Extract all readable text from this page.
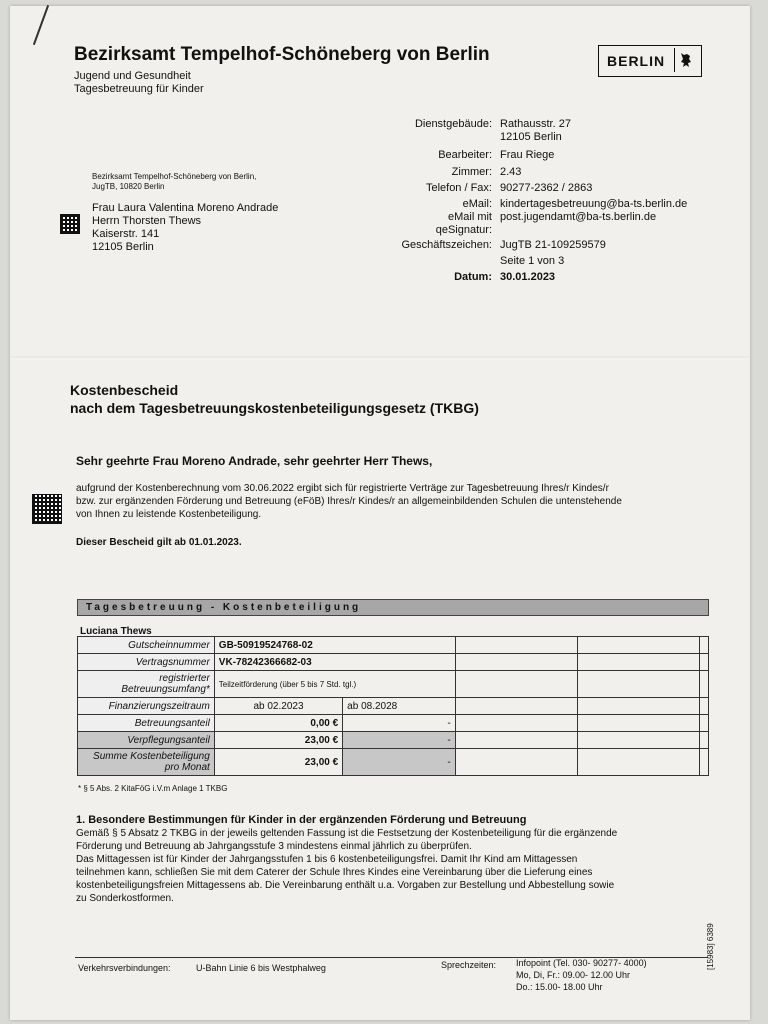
Bezirksamt Tempelhof-Schöneberg von Berlin
Jugend und Gesundheit
Tagesbetreuung für Kinder
BERLIN
Dienstgebäude: Rathausstr. 27
12105 Berlin
Bearbeiter: Frau Riege
Zimmer: 2.43
Telefon / Fax: 90277-2362 / 2863
eMail: kindertagesbetreuung@ba-ts.berlin.de
eMail mit
qeSignatur:
post.jugendamt@ba-ts.berlin.de
Geschäftszeichen: JugTB 21-109259579
Seite 1 von 3
Datum: 30.01.2023
Bezirksamt Tempelhof-Schöneberg von Berlin,
JugTB, 10820 Berlin
Frau Laura Valentina Moreno Andrade
Herrn Thorsten Thews
Kaiserstr. 141
12105 Berlin
Kostenbescheid
nach dem Tagesbetreuungskostenbeteiligungsgesetz (TKBG)
Sehr geehrte Frau Moreno Andrade, sehr geehrter Herr Thews,
aufgrund der Kostenberechnung vom 30.06.2022 ergibt sich für registrierte Verträge zur Tagesbetreuung Ihres/r Kindes/r
bzw. zur ergänzenden Förderung und Betreuung (eFöB) Ihres/r Kindes/r an allgemeinbildenden Schulen die untenstehende
von Ihnen zu leistende Kostenbeteiligung.
Dieser Bescheid gilt ab 01.01.2023.
Tagesbetreuung - Kostenbeteiligung
Luciana Thews
Gutscheinnummer	GB-50919524768-02				
Vertragsnummer	VK-78242366682-03				
registrierter Betreuungsumfang*	Teilzeitförderung (über 5 bis 7 Std. tgl.)				
Finanzierungszeitraum	ab 02.2023	ab 08.2028			
Betreuungsanteil	0,00 €	-			
Verpflegungsanteil	23,00 €	-			
Summe Kostenbeteiligung pro Monat	23,00 €	-			
* § 5 Abs. 2 KitaFöG i.V.m Anlage 1 TKBG
1. Besondere Bestimmungen für Kinder in der ergänzenden Förderung und Betreuung
Gemäß § 5 Absatz 2 TKBG in der jeweils geltenden Fassung ist die Festsetzung der Kostenbeteiligung für die ergänzende
Förderung und Betreuung ab Jahrgangsstufe 3 mindestens einmal jährlich zu überprüfen.
Das Mittagessen ist für Kinder der Jahrgangsstufen 1 bis 6 kostenbeteiligungsfrei. Damit Ihr Kind am Mittagessen
teilnehmen kann, schließen Sie mit dem Caterer der Schule Ihres Kindes eine Vereinbarung über die Lieferung eines
kostenbeteiligungsfreien Mittagessens ab. Die Vereinbarung enthält u.a. Vorgaben zur Bestellung und Abbestellung sowie
zu Sonderkostformen.
Verkehrsverbindungen:	U-Bahn Linie 6 bis Westphalweg	Sprechzeiten: Infopoint (Tel. 030- 90277- 4000)
Mo, Di, Fr.: 09.00- 12.00 Uhr
Do.: 15.00- 18.00 Uhr
[15983] 6389
